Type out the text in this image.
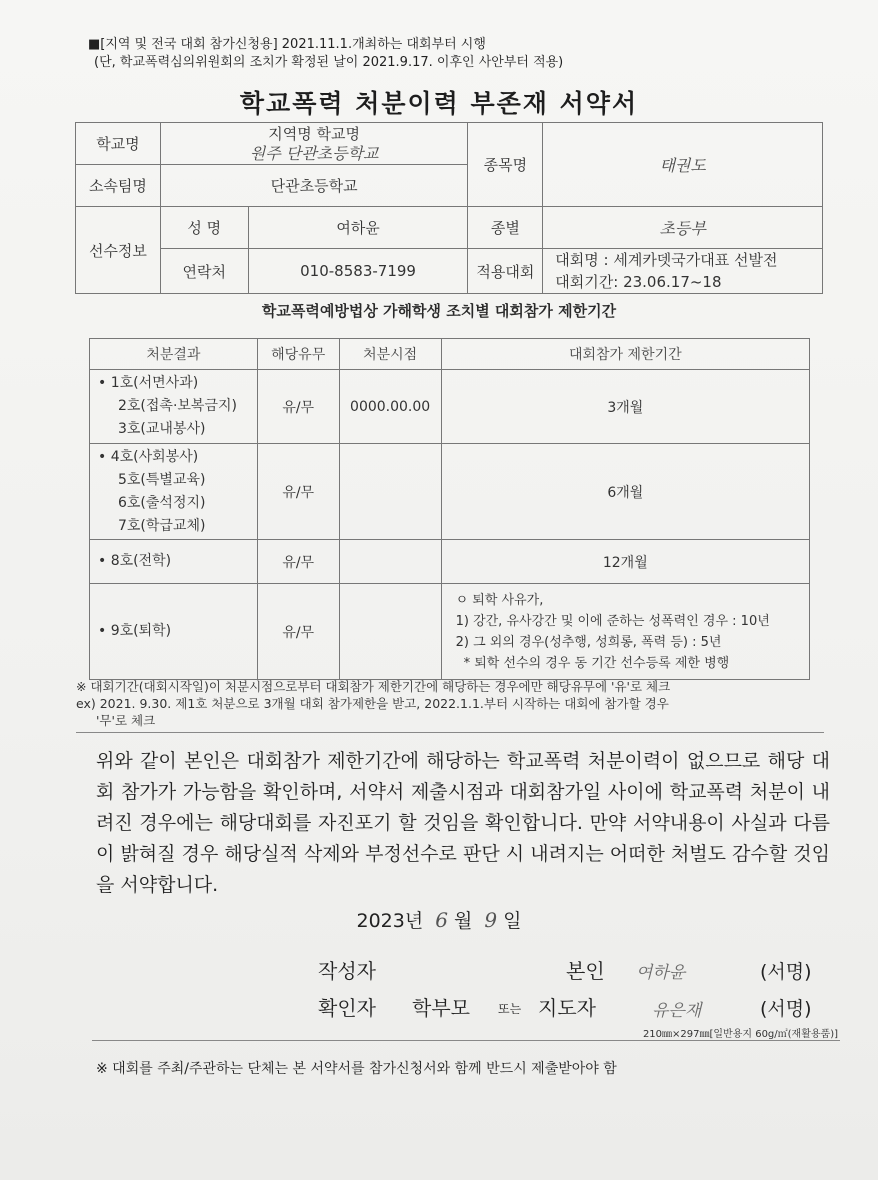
■[지역 및 전국 대회 참가신청용] 2021.11.1.개최하는 대회부터 시행
(단, 학교폭력심의위원회의 조치가 확정된 날이 2021.9.17. 이후인 사안부터 적용)
학교폭력 처분이력 부존재 서약서
학교명	지역명 학교명
원주 단관초등학교		종목명	태권도
소속팀명	단관초등학교			
선수정보	성 명	여하윤	종별	초등부
	연락처	010-8583-7199	적용대회	대회명 : 세계카뎃국가대표 선발전
대회기간: 23.06.17~18
학교폭력예방법상 가해학생 조치별 대회참가 제한기간
처분결과	해당유무	처분시점	대회참가 제한기간

• 1호(서면사과)
2호(접촉·보복금지)
3호(교내봉사)	유/무	0000.00.00	3개월

• 4호(사회봉사)
5호(특별교육)
6호(출석정지)
7호(학급교체)	유/무		6개월

• 8호(전학)	유/무		12개월

• 9호(퇴학)	유/무		ㅇ 퇴학 사유가,
1) 강간, 유사강간 및 이에 준하는 성폭력인 경우 : 10년
2) 그 외의 경우(성추행, 성희롱, 폭력 등) : 5년
* 퇴학 선수의 경우 동 기간 선수등록 제한 병행
※ 대회기간(대회시작일)이 처분시점으로부터 대회참가 제한기간에 해당하는 경우에만 해당유무에 '유'로 체크
ex) 2021. 9.30. 제1호 처분으로 3개월 대회 참가제한을 받고, 2022.1.1.부터 시작하는 대회에 참가할 경우
'무'로 체크
위와 같이 본인은 대회참가 제한기간에 해당하는 학교폭력 처분이력이 없으므로 해당 대회 참가가 가능함을 확인하며, 서약서 제출시점과 대회참가일 사이에 학교폭력 처분이 내려진 경우에는 해당대회를 자진포기 할 것임을 확인합니다. 만약 서약내용이 사실과 다름이 밝혀질 경우 해당실적 삭제와 부정선수로 판단 시 내려지는 어떠한 처벌도 감수할 것임을 서약합니다.
2023년 6 월 9 일
작성자	본인 여하윤	(서명)
확인자 학부모 또는 지도자	유은재	(서명)
210㎜×297㎜[일반용지 60g/㎡(재활용품)]
※ 대회를 주최/주관하는 단체는 본 서약서를 참가신청서와 함께 반드시 제출받아야 함
